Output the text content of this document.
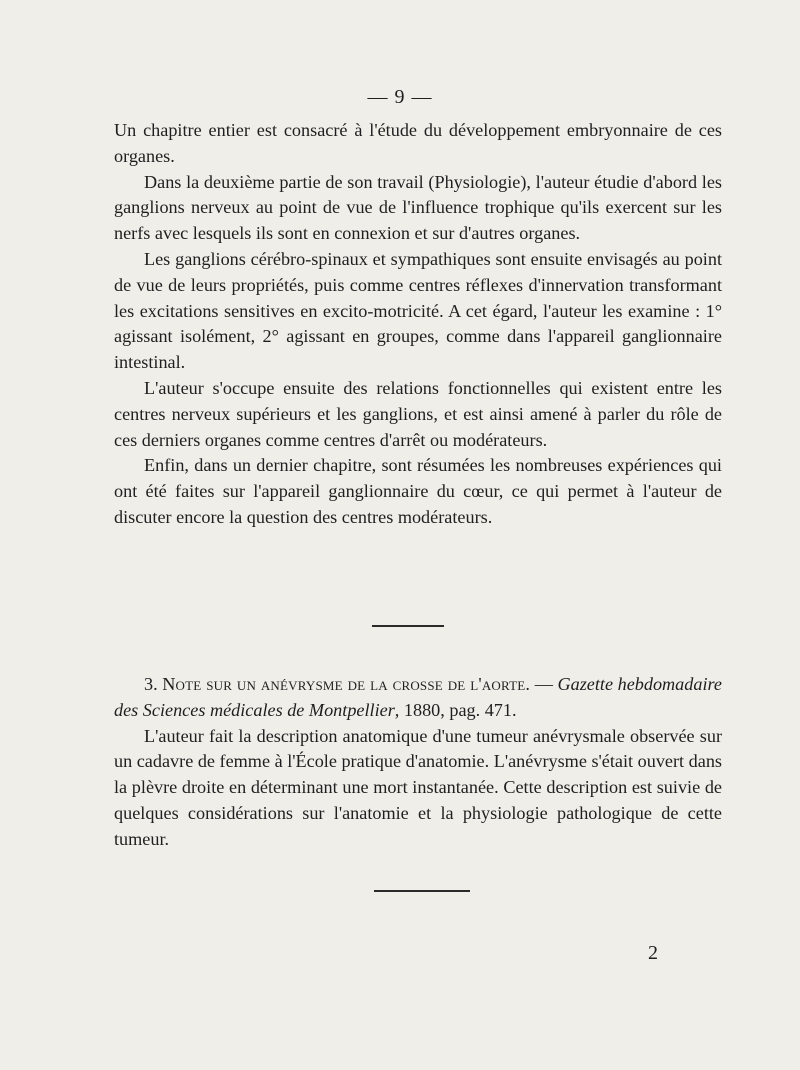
— 9 —

Un chapitre entier est consacré à l'étude du développement embryonnaire de ces organes.

Dans la deuxième partie de son travail (Physiologie), l'auteur étudie d'abord les ganglions nerveux au point de vue de l'influence trophique qu'ils exercent sur les nerfs avec lesquels ils sont en connexion et sur d'autres organes.

Les ganglions cérébro-spinaux et sympathiques sont ensuite envisagés au point de vue de leurs propriétés, puis comme centres réflexes d'innervation transformant les excitations sensitives en excito-motricité. A cet égard, l'auteur les examine : 1° agissant isolément, 2° agissant en groupes, comme dans l'appareil ganglionnaire intestinal.

L'auteur s'occupe ensuite des relations fonctionnelles qui existent entre les centres nerveux supérieurs et les ganglions, et est ainsi amené à parler du rôle de ces derniers organes comme centres d'arrêt ou modérateurs.

Enfin, dans un dernier chapitre, sont résumées les nombreuses expériences qui ont été faites sur l'appareil ganglionnaire du cœur, ce qui permet à l'auteur de discuter encore la question des centres modérateurs.

3. Note sur un anévrysme de la crosse de l'aorte. — Gazette hebdomadaire des Sciences médicales de Montpellier, 1880, pag. 471.

L'auteur fait la description anatomique d'une tumeur anévrysmale observée sur un cadavre de femme à l'École pratique d'anatomie. L'anévrysme s'était ouvert dans la plèvre droite en déterminant une mort instantanée. Cette description est suivie de quelques considérations sur l'anatomie et la physiologie pathologique de cette tumeur.

2
